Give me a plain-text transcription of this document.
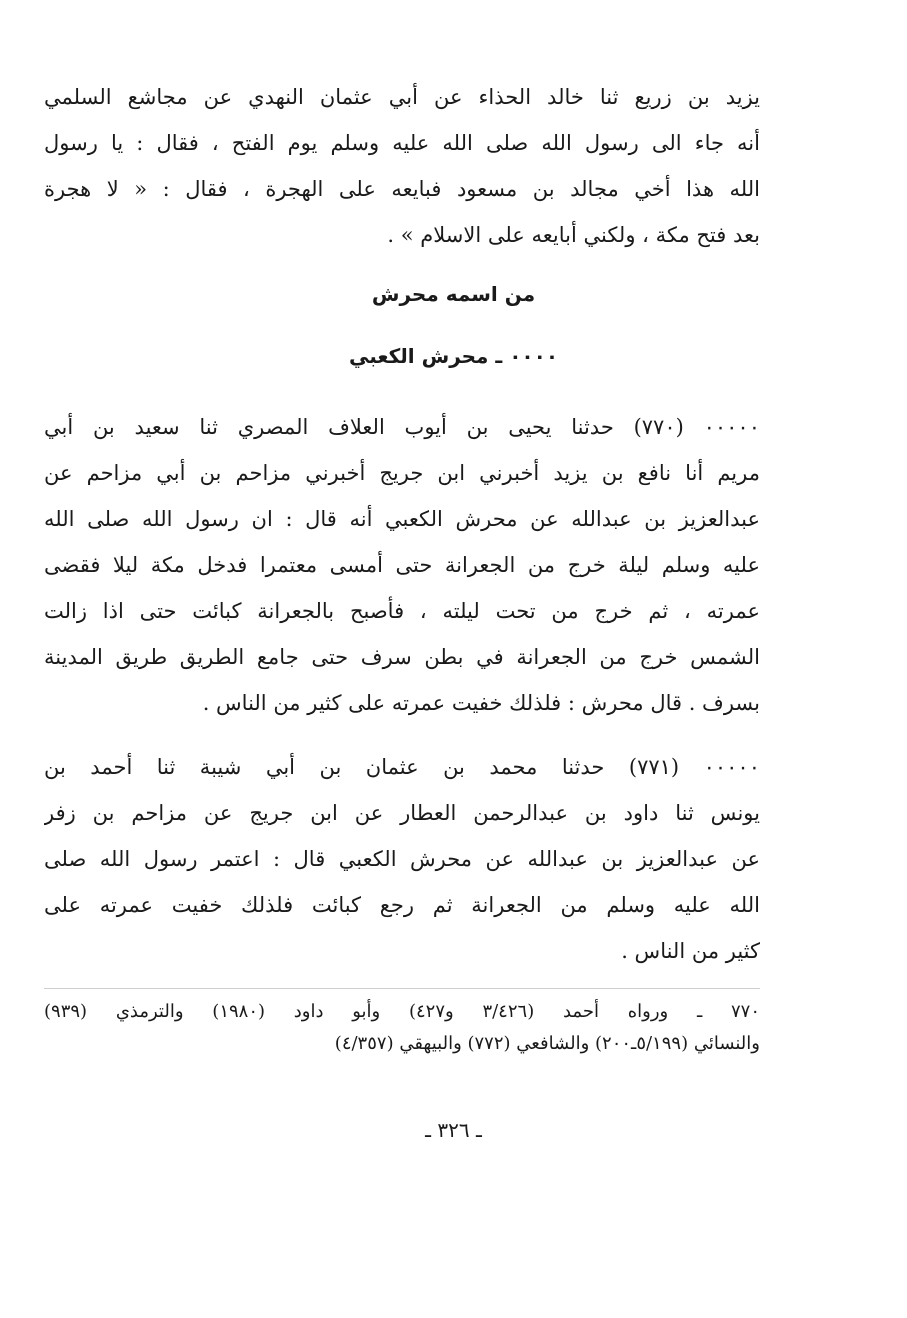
يزيد بن زريع ثنا خالد الحذاء عن أبي عثمان النهدي عن مجاشع السلمي
أنه جاء الى رسول الله صلى الله عليه وسلم يوم الفتح ، فقال : يا رسول
الله هذا أخي مجالد بن مسعود فبايعه على الهجرة ، فقال : « لا هجرة
بعد فتح مكة ، ولكني أبايعه على الاسلام » .
من اسمه محرش
٠٠٠٠ ـ محرش الكعبي
٠٠٠٠٠ (٧٧٠) حدثنا يحيى بن أيوب العلاف المصري ثنا سعيد بن أبي
مريم أنا نافع بن يزيد أخبرني ابن جريج أخبرني مزاحم بن أبي مزاحم عن
عبدالعزيز بن عبدالله عن محرش الكعبي أنه قال : ان رسول الله صلى الله
عليه وسلم ليلة خرج من الجعرانة حتى أمسى معتمرا فدخل مكة ليلا فقضى
عمرته ، ثم خرج من تحت ليلته ، فأصبح بالجعرانة كبائت حتى اذا زالت
الشمس خرج من الجعرانة في بطن سرف حتى جامع الطريق طريق المدينة
بسرف . قال محرش : فلذلك خفيت عمرته على كثير من الناس .
٠٠٠٠٠ (٧٧١) حدثنا محمد بن عثمان بن أبي شيبة ثنا أحمد بن
يونس ثنا داود بن عبدالرحمن العطار عن ابن جريج عن مزاحم بن زفر
عن عبدالعزيز بن عبدالله عن محرش الكعبي قال : اعتمر رسول الله صلى
الله عليه وسلم من الجعرانة ثم رجع كبائت فلذلك خفيت عمرته على
كثير من الناس .
٧٧٠ ـ ورواه أحمد (٣/٤٢٦ و٤٢٧) وأبو داود (١٩٨٠) والترمذي (٩٣٩)
والنسائي (٥/١٩٩ـ٢٠٠) والشافعي (٧٧٢) والبيهقي (٤/٣٥٧)
ـ ٣٢٦ ـ
